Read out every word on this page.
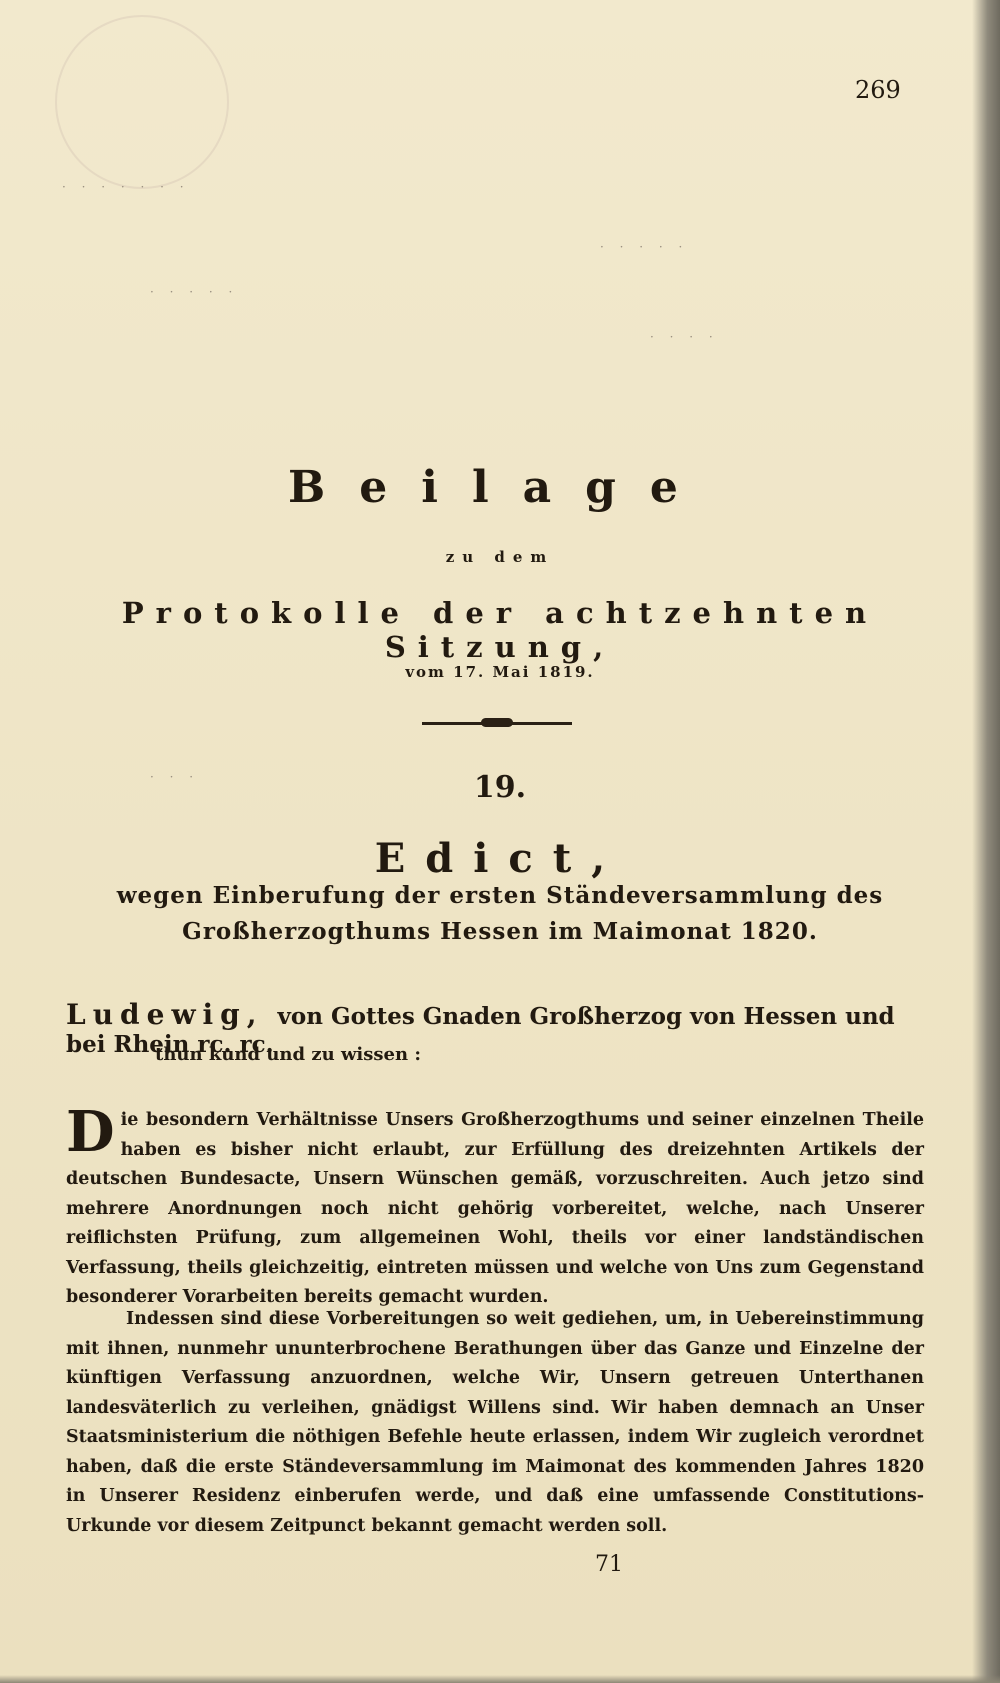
· · · · · · ·
· · · · ·
· · · · ·
· · · ·
· · ·
269
Beilage
zu dem
Protokolle der achtzehnten Sitzung,
vom 17. Mai 1819.
19.
Edict,
wegen Einberufung der ersten Ständeversammlung des Großherzogthums Hessen im Maimonat 1820.
Ludewig, von Gottes Gnaden Großherzog von Hessen und bei Rhein rc. rc.
thun kund und zu wissen :
D ie besondern Verhältnisse Unsers Großherzogthums und seiner einzelnen Theile haben es bisher nicht erlaubt, zur Erfüllung des dreizehnten Artikels der deutschen Bundesacte, Unsern Wünschen gemäß, vorzuschreiten. Auch jetzo sind mehrere Anordnungen noch nicht gehörig vorbereitet, welche, nach Unserer reiflichsten Prüfung, zum allgemeinen Wohl, theils vor einer landständischen Verfassung, theils gleichzeitig, eintreten müssen und welche von Uns zum Gegenstand besonderer Vorarbeiten bereits gemacht wurden.
Indessen sind diese Vorbereitungen so weit gediehen, um, in Uebereinstimmung mit ihnen, nunmehr ununterbrochene Berathungen über das Ganze und Einzelne der künftigen Verfassung anzuordnen, welche Wir, Unsern getreuen Unterthanen landesväterlich zu verleihen, gnädigst Willens sind. Wir haben demnach an Unser Staatsministerium die nöthigen Befehle heute erlassen, indem Wir zugleich verordnet haben, daß die erste Ständeversammlung im Maimonat des kommenden Jahres 1820 in Unserer Residenz einberufen werde, und daß eine umfassende Constitutions-Urkunde vor diesem Zeitpunct bekannt gemacht werden soll.
71
